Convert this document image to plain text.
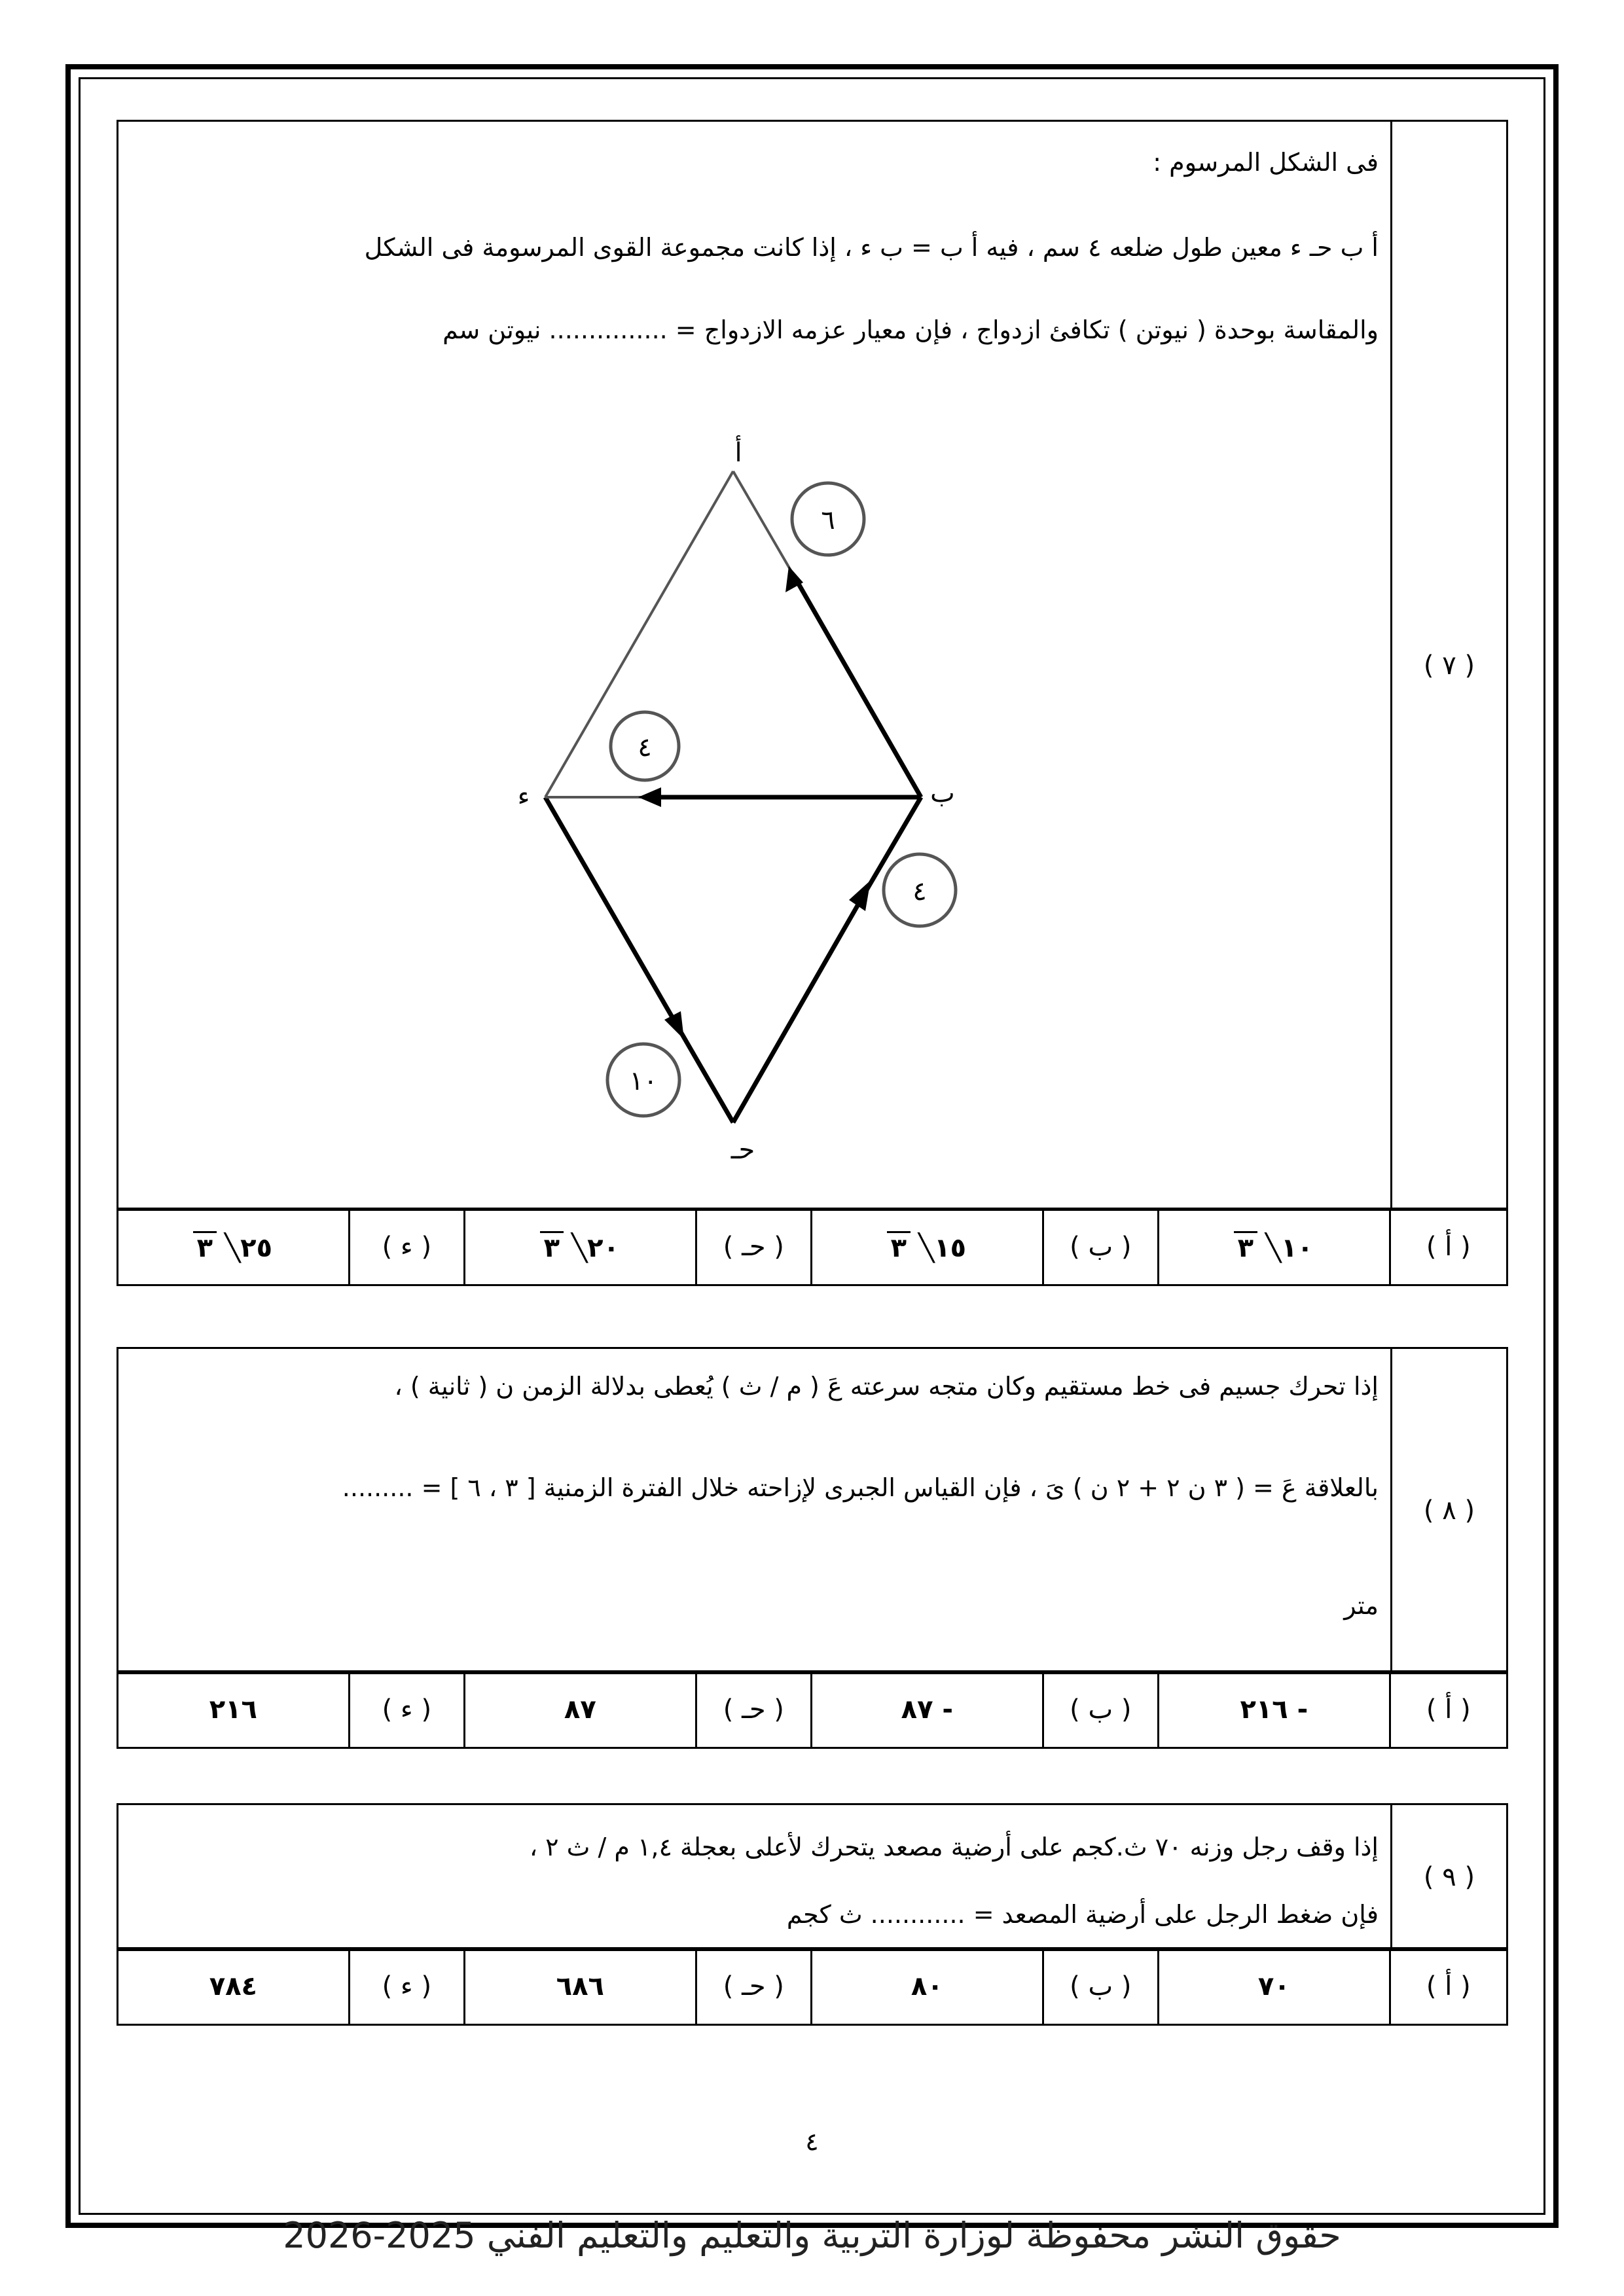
( ٧ )
فى الشكل المرسوم :
أ ب حـ ء معين طول ضلعه ٤ سم ، فيه أ ب = ب ء ، إذا كانت مجموعة القوى المرسومة فى الشكل
والمقاسة بوحدة ( نيوتن ) تكافئ ازدواج ، فإن معيار عزمه الازدواج = ............... نيوتن سم
٦
٤
٤
١٠
أ
ب
حـ
ء
٣ ╲ ٢٥	( ء )	٣ ╲ ٢٠	( حـ )	٣ ╲ ١٥	( ب )	٣ ╲ ١٠	( أ )
( ٨ )
إذا تحرك جسيم فى خط مستقيم وكان متجه سرعته عَ ( م / ث ) يُعطى بدلالة الزمن ن ( ثانية ) ،
بالعلاقة عَ = ( ٣ ن ٢ + ٢ ن ) ىَ ، فإن القياس الجبرى لإزاحته خلال الفترة الزمنية [ ٣ ، ٦ ] = .........
متر
٢١٦	( ء )	٨٧	( حـ )	- ٨٧	( ب )	- ٢١٦	( أ )
( ٩ )
إذا وقف رجل وزنه ٧٠ ث.كجم على أرضية مصعد يتحرك لأعلى بعجلة ١,٤ م / ث ٢ ،
فإن ضغط الرجل على أرضية المصعد = ............ ث كجم
٧٨٤	( ء )	٦٨٦	( حـ )	٨٠	( ب )	٧٠	( أ )
٤
حقوق النشر محفوظة لوزارة التربية والتعليم والتعليم الفني 2025-2026
